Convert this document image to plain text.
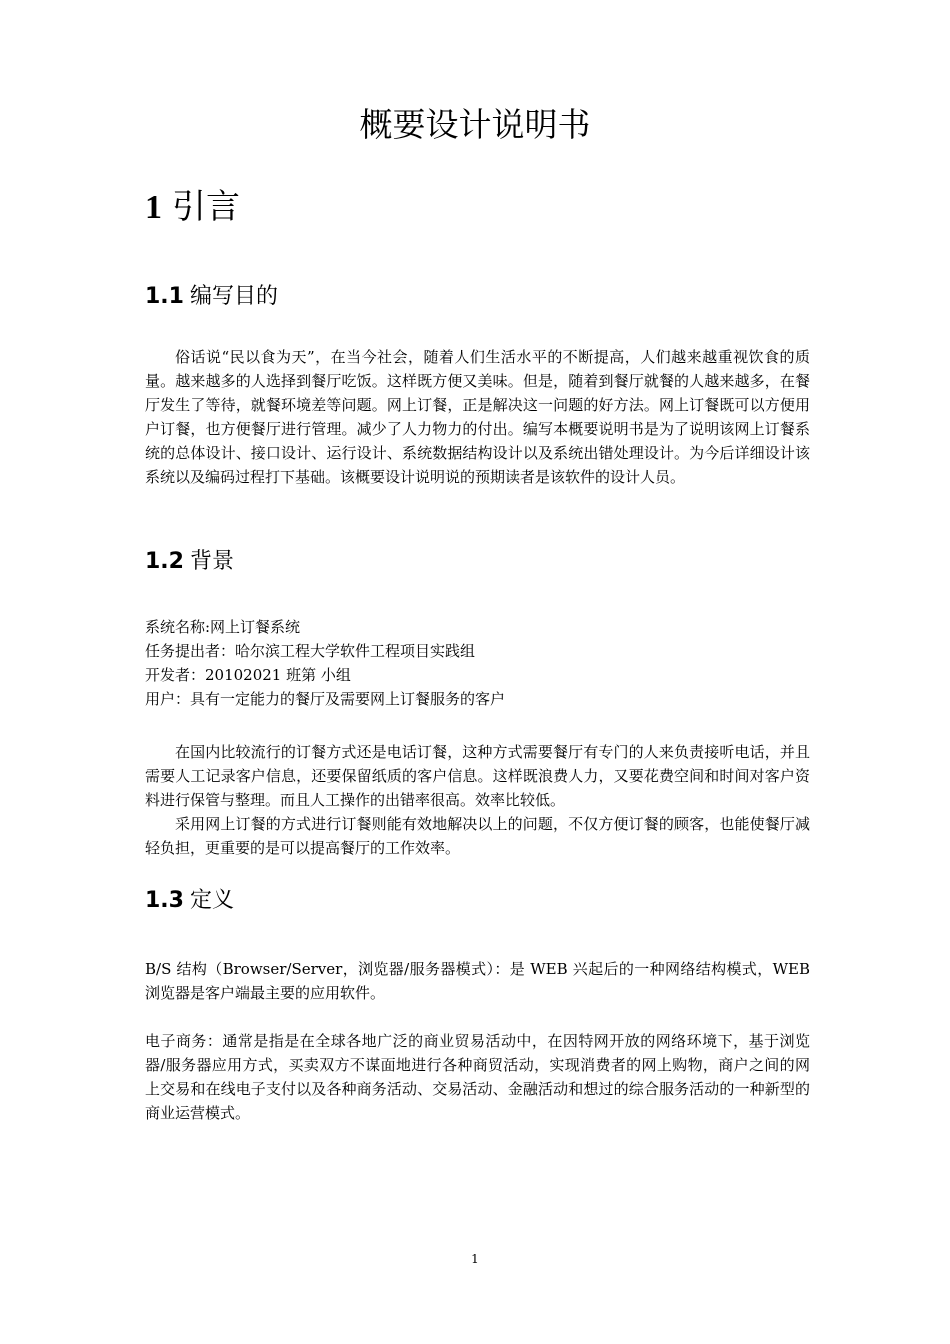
概要设计说明书
1 引言
1.1 编写目的

俗话说“民以食为天”，在当今社会，随着人们生活水平的不断提高，人们越来越重视饮食的质量。越来越多的人选择到餐厅吃饭。这样既方便又美味。但是，随着到餐厅就餐的人越来越多，在餐厅发生了等待，就餐环境差等问题。网上订餐，正是解决这一问题的好方法。网上订餐既可以方便用户订餐，也方便餐厅进行管理。减少了人力物力的付出。编写本概要说明书是为了说明该网上订餐系统的总体设计、接口设计、运行设计、系统数据结构设计以及系统出错处理设计。为今后详细设计该系统以及编码过程打下基础。该概要设计说明说的预期读者是该软件的设计人员。

1.2 背景

系统名称:网上订餐系统

任务提出者：哈尔滨工程大学软件工程项目实践组

开发者：20102021 班第 小组

用户：具有一定能力的餐厅及需要网上订餐服务的客户

在国内比较流行的订餐方式还是电话订餐，这种方式需要餐厅有专门的人来负责接听电话，并且需要人工记录客户信息，还要保留纸质的客户信息。这样既浪费人力，又要花费空间和时间对客户资料进行保管与整理。而且人工操作的出错率很高。效率比较低。

采用网上订餐的方式进行订餐则能有效地解决以上的问题，不仅方便订餐的顾客，也能使餐厅减轻负担，更重要的是可以提高餐厅的工作效率。

1.3 定义

B/S 结构（Browser/Server，浏览器/服务器模式）：是 WEB 兴起后的一种网络结构模式，WEB 浏览器是客户端最主要的应用软件。

电子商务：通常是指是在全球各地广泛的商业贸易活动中，在因特网开放的网络环境下，基于浏览器/服务器应用方式，买卖双方不谋面地进行各种商贸活动，实现消费者的网上购物，商户之间的网上交易和在线电子支付以及各种商务活动、交易活动、金融活动和想过的综合服务活动的一种新型的商业运营模式。

1
